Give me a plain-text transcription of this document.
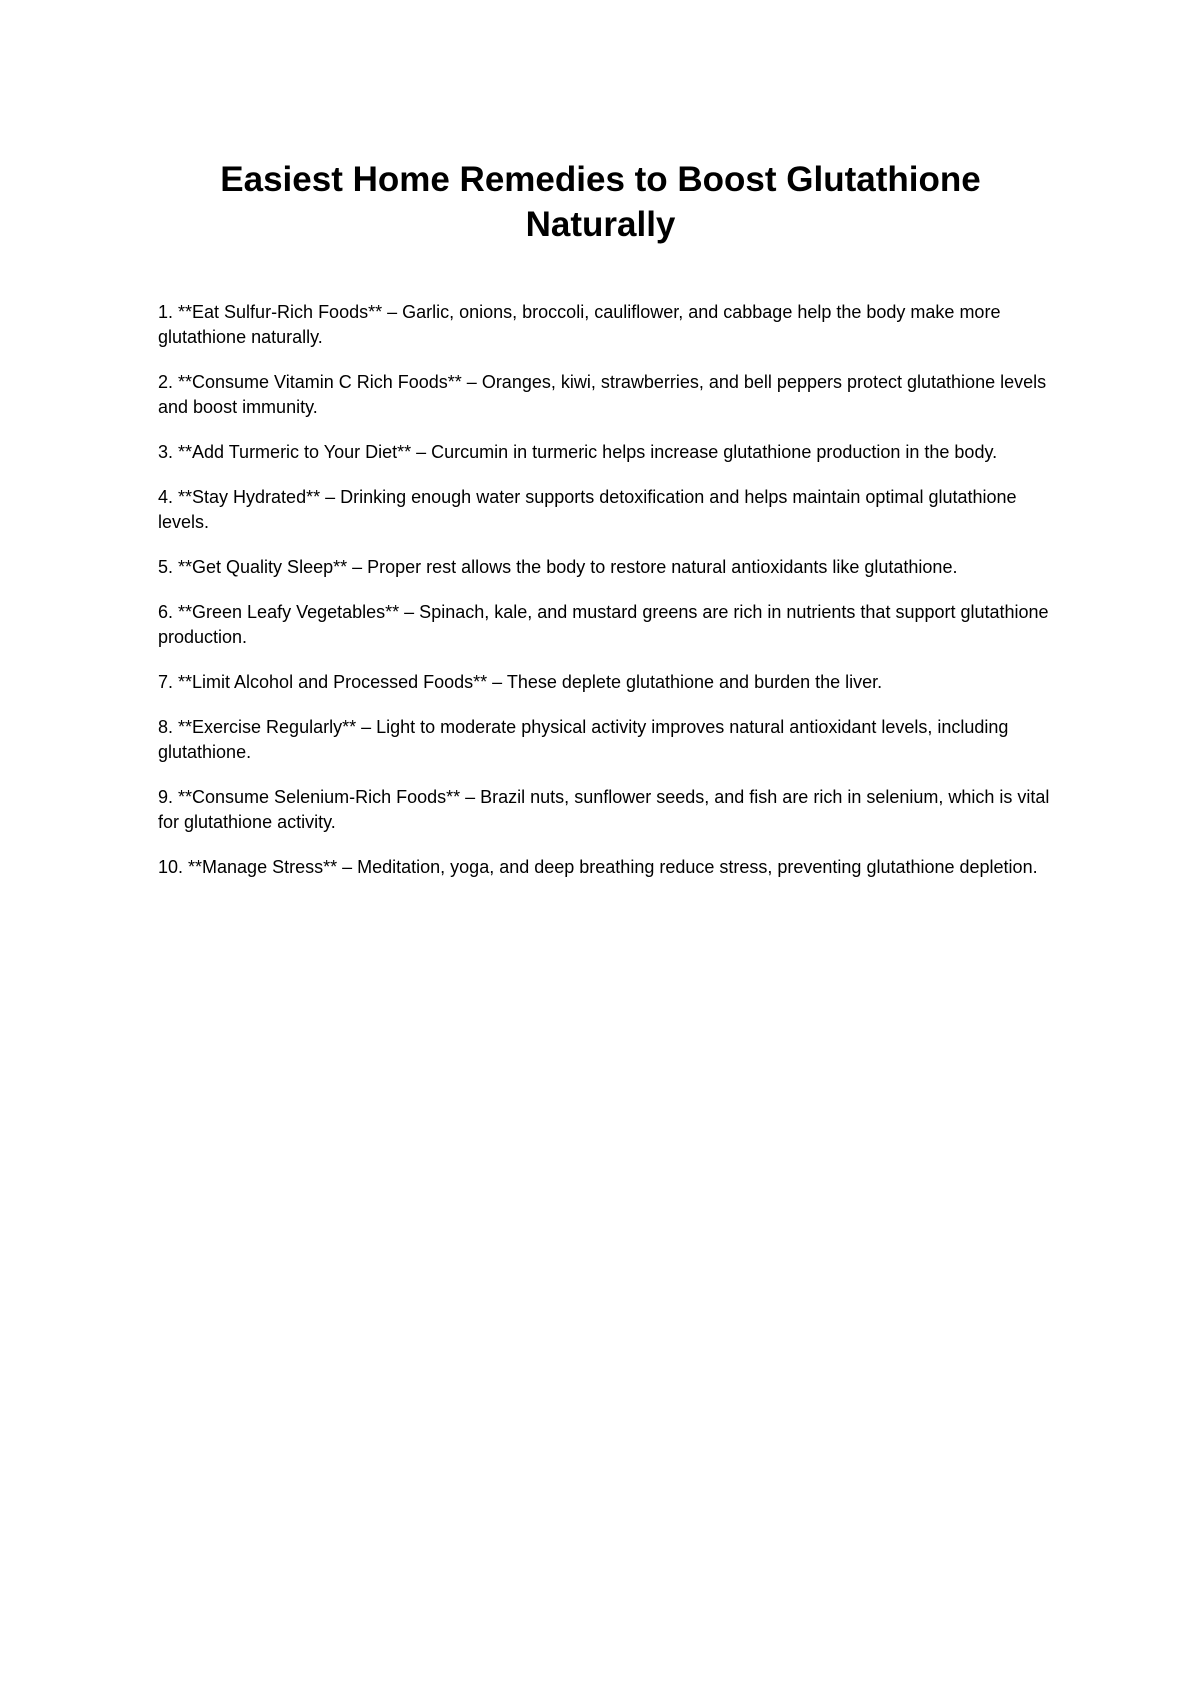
Easiest Home Remedies to Boost Glutathione Naturally

1. **Eat Sulfur-Rich Foods** – Garlic, onions, broccoli, cauliflower, and cabbage help the body make more glutathione naturally.

2. **Consume Vitamin C Rich Foods** – Oranges, kiwi, strawberries, and bell peppers protect glutathione levels and boost immunity.

3. **Add Turmeric to Your Diet** – Curcumin in turmeric helps increase glutathione production in the body.

4. **Stay Hydrated** – Drinking enough water supports detoxification and helps maintain optimal glutathione levels.

5. **Get Quality Sleep** – Proper rest allows the body to restore natural antioxidants like glutathione.

6. **Green Leafy Vegetables** – Spinach, kale, and mustard greens are rich in nutrients that support glutathione production.

7. **Limit Alcohol and Processed Foods** – These deplete glutathione and burden the liver.

8. **Exercise Regularly** – Light to moderate physical activity improves natural antioxidant levels, including glutathione.

9. **Consume Selenium-Rich Foods** – Brazil nuts, sunflower seeds, and fish are rich in selenium, which is vital for glutathione activity.

10. **Manage Stress** – Meditation, yoga, and deep breathing reduce stress, preventing glutathione depletion.
